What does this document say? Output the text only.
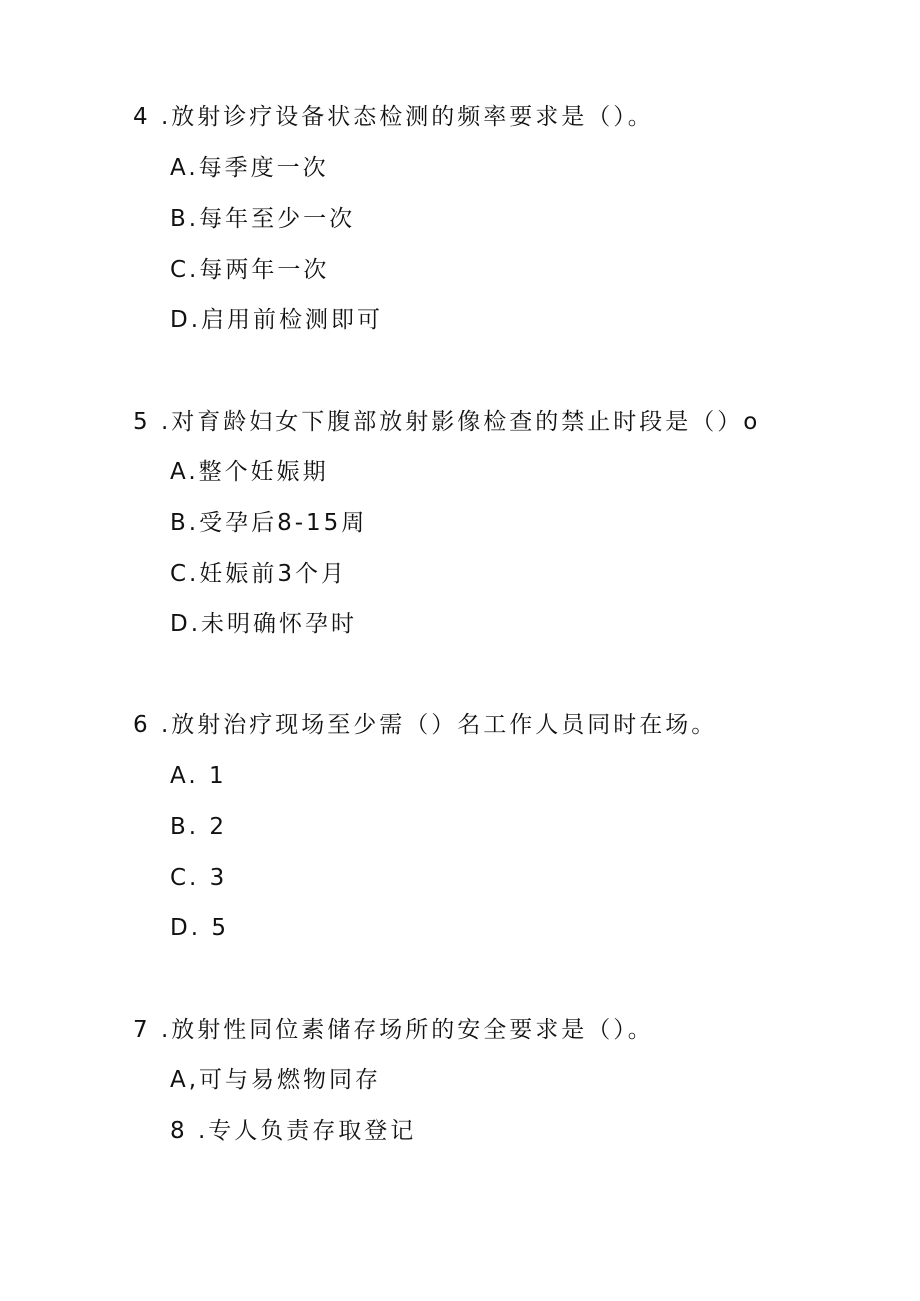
4 .放射诊疗设备状态检测的频率要求是（）。
A.每季度一次
B.每年至少一次
C.每两年一次
D.启用前检测即可
5 .对育龄妇女下腹部放射影像检查的禁止时段是（）o
A.整个妊娠期
B.受孕后8-15周
C.妊娠前3个月
D.未明确怀孕时
6 .放射治疗现场至少需（）名工作人员同时在场。
A. 1
B. 2
C. 3
D. 5
7 .放射性同位素储存场所的安全要求是（）。
A,可与易燃物同存
8 .专人负责存取登记
